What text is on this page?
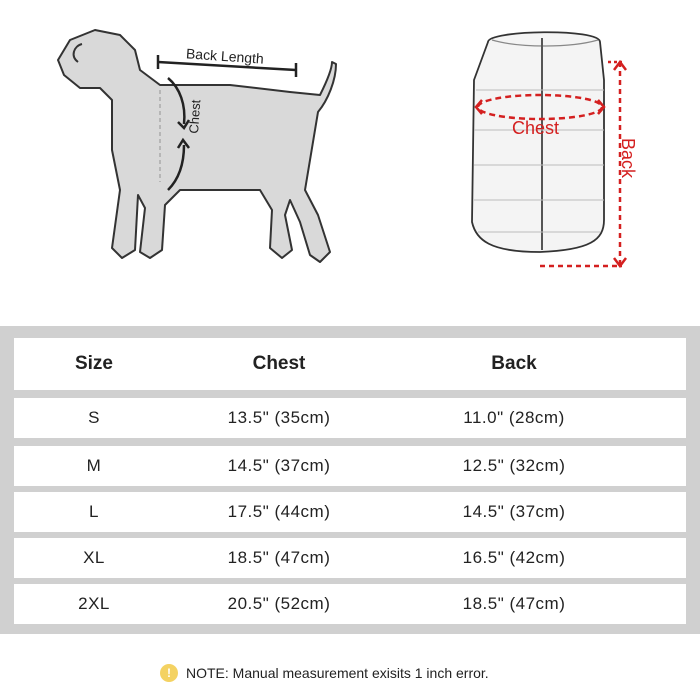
Back Length
Chest	Chest
Back
Size	Chest	Back
S	13.5" (35cm)	11.0" (28cm)
M	14.5" (37cm)	12.5" (32cm)
L	17.5" (44cm)	14.5" (37cm)
XL	18.5" (47cm)	16.5" (42cm)
2XL	20.5" (52cm)	18.5" (47cm)
!	NOTE: Manual measurement exisits 1 inch error.
